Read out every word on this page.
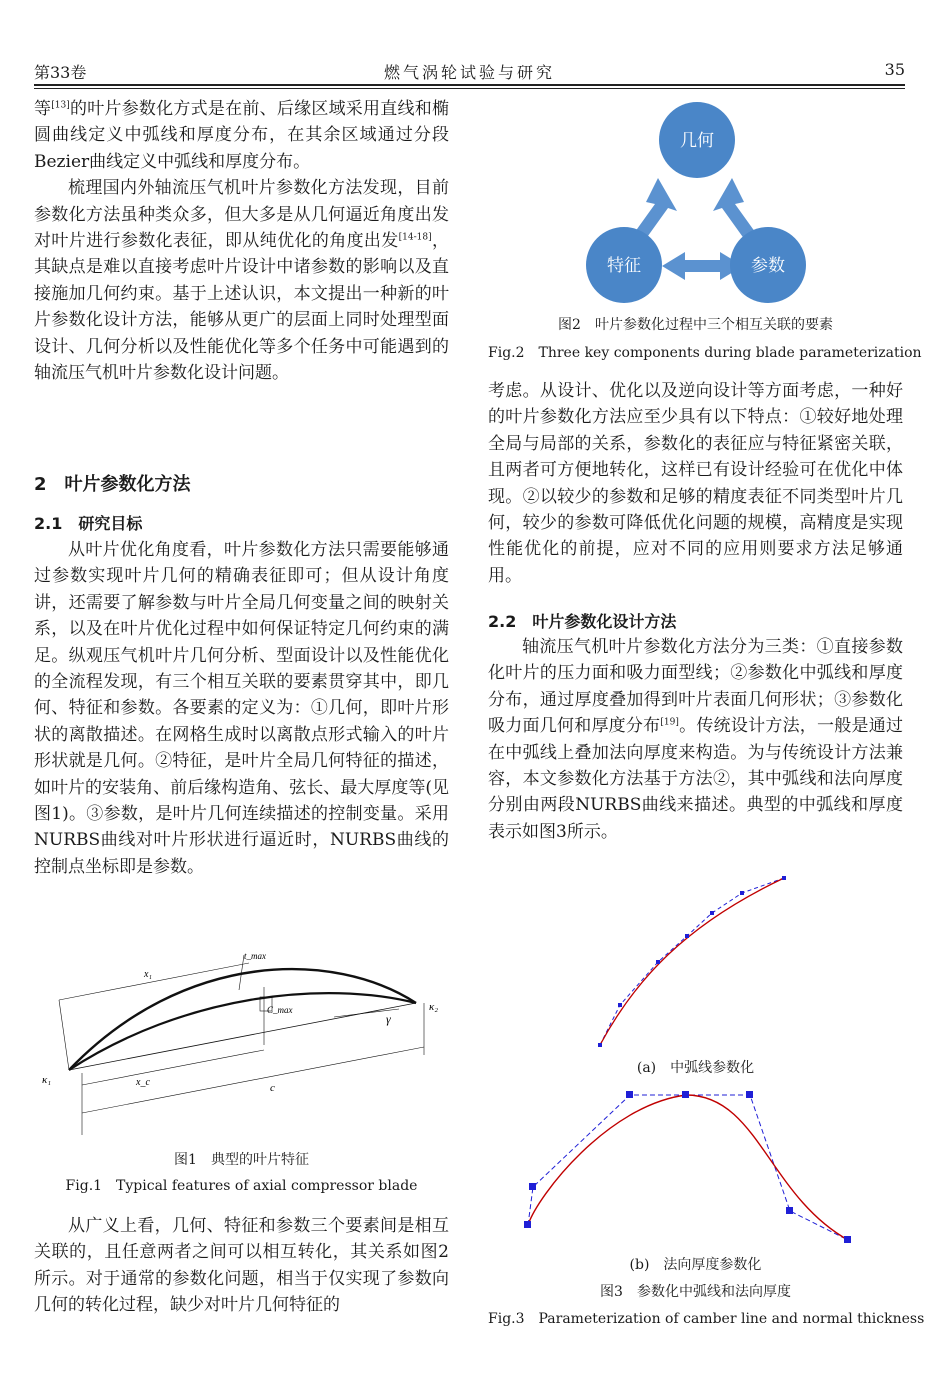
第33卷	燃气涡轮试验与研究	35

等[13]的叶片参数化方式是在前、后缘区域采用直线和椭圆曲线定义中弧线和厚度分布，在其余区域通过分段Bezier曲线定义中弧线和厚度分布。

梳理国内外轴流压气机叶片参数化方法发现，目前参数化方法虽种类众多，但大多是从几何逼近角度出发对叶片进行参数化表征，即从纯优化的角度出发[14-18]，其缺点是难以直接考虑叶片设计中诸参数的影响以及直接施加几何约束。基于上述认识，本文提出一种新的叶片参数化设计方法，能够从更广的层面上同时处理型面设计、几何分析以及性能优化等多个任务中可能遇到的轴流压气机叶片参数化设计问题。

2　叶片参数化方法
2.1　研究目标

从叶片优化角度看，叶片参数化方法只需要能够通过参数实现叶片几何的精确表征即可；但从设计角度讲，还需要了解参数与叶片全局几何变量之间的映射关系，以及在叶片优化过程中如何保证特定几何约束的满足。纵观压气机叶片几何分析、型面设计以及性能优化的全流程发现，有三个相互关联的要素贯穿其中，即几何、特征和参数。各要素的定义为：①几何，即叶片形状的离散描述。在网格生成时以离散点形式输入的叶片形状就是几何。②特征，是叶片全局几何特征的描述，如叶片的安装角、前后缘构造角、弦长、最大厚度等(见图1)。③参数，是叶片几何连续描述的控制变量。采用NURBS曲线对叶片形状进行逼近时，NURBS曲线的控制点坐标即是参数。

x₁
t_max
C_max	κ₂
κ₁
γ
x_c	c
图1　典型的叶片特征
Fig.1　Typical features of axial compressor blade

从广义上看，几何、特征和参数三个要素间是相互关联的，且任意两者之间可以相互转化，其关系如图2所示。对于通常的参数化问题，相当于仅实现了参数向几何的转化过程，缺少对叶片几何特征的

几何
特征	参数
图2　叶片参数化过程中三个相互关联的要素
Fig.2　Three key components during blade parameterization

考虑。从设计、优化以及逆向设计等方面考虑，一种好的叶片参数化方法应至少具有以下特点：①较好地处理全局与局部的关系，参数化的表征应与特征紧密关联，且两者可方便地转化，这样已有设计经验可在优化中体现。②以较少的参数和足够的精度表征不同类型叶片几何，较少的参数可降低优化问题的规模，高精度是实现性能优化的前提，应对不同的应用则要求方法足够通用。

2.2　叶片参数化设计方法

轴流压气机叶片参数化方法分为三类：①直接参数化叶片的压力面和吸力面型线；②参数化中弧线和厚度分布，通过厚度叠加得到叶片表面几何形状；③参数化吸力面几何和厚度分布[19]。传统设计方法，一般是通过在中弧线上叠加法向厚度来构造。为与传统设计方法兼容，本文参数化方法基于方法②，其中弧线和法向厚度分别由两段NURBS曲线来描述。典型的中弧线和厚度表示如图3所示。

(a)　中弧线参数化
(b)　法向厚度参数化
图3　参数化中弧线和法向厚度
Fig.3　Parameterization of camber line and normal thickness
